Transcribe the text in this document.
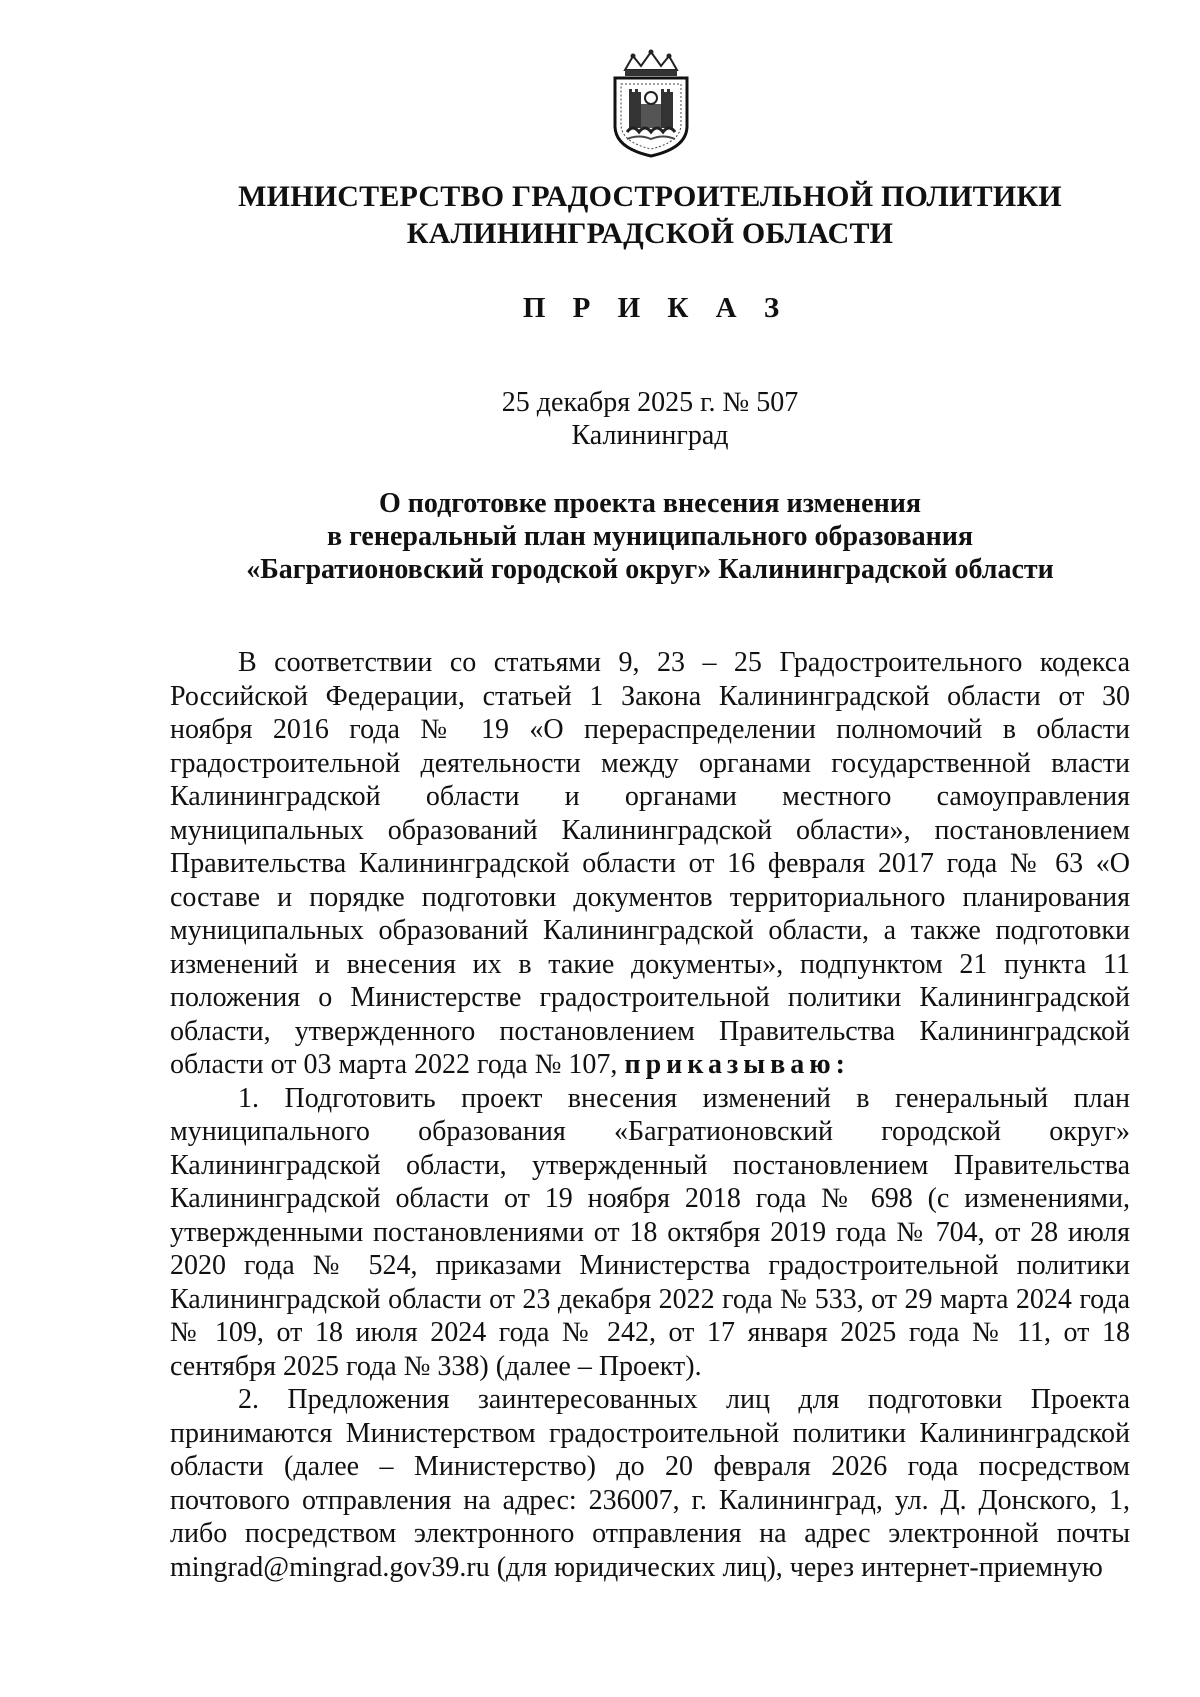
МИНИСТЕРСТВО ГРАДОСТРОИТЕЛЬНОЙ ПОЛИТИКИ
КАЛИНИНГРАДСКОЙ ОБЛАСТИ
П Р И К А З
25 декабря 2025 г. № 507
Калининград
О подготовке проекта внесения изменения
в генеральный план муниципального образования
«Багратионовский городской округ» Калининградской области

В соответствии со статьями 9, 23 – 25 Градостроительного кодекса Российской Федерации, статьей 1 Закона Калининградской области от 30 ноября 2016 года № 19 «О перераспределении полномочий в области градостроительной деятельности между органами государственной власти Калининградской области и органами местного самоуправления муниципальных образований Калининградской области», постановлением Правительства Калининградской области от 16 февраля 2017 года № 63 «О составе и порядке подготовки документов территориального планирования муниципальных образований Калининградской области, а также подготовки изменений и внесения их в такие документы», подпунктом 21 пункта 11 положения о Министерстве градостроительной политики Калининградской области, утвержденного постановлением Правительства Калининградской области от 03 марта 2022 года № 107, приказываю:

1. Подготовить проект внесения изменений в генеральный план муниципального образования «Багратионовский городской округ» Калининградской области, утвержденный постановлением Правительства Калининградской области от 19 ноября 2018 года № 698 (с изменениями, утвержденными постановлениями от 18 октября 2019 года № 704, от 28 июля 2020 года № 524, приказами Министерства градостроительной политики Калининградской области от 23 декабря 2022 года № 533, от 29 марта 2024 года № 109, от 18 июля 2024 года № 242, от 17 января 2025 года № 11, от 18 сентября 2025 года № 338) (далее – Проект).

2. Предложения заинтересованных лиц для подготовки Проекта принимаются Министерством градостроительной политики Калининградской области (далее – Министерство) до 20 февраля 2026 года посредством почтового отправления на адрес: 236007, г. Калининград, ул. Д. Донского, 1, либо посредством электронного отправления на адрес электронной почты mingrad@mingrad.gov39.ru (для юридических лиц), через интернет-приемную
